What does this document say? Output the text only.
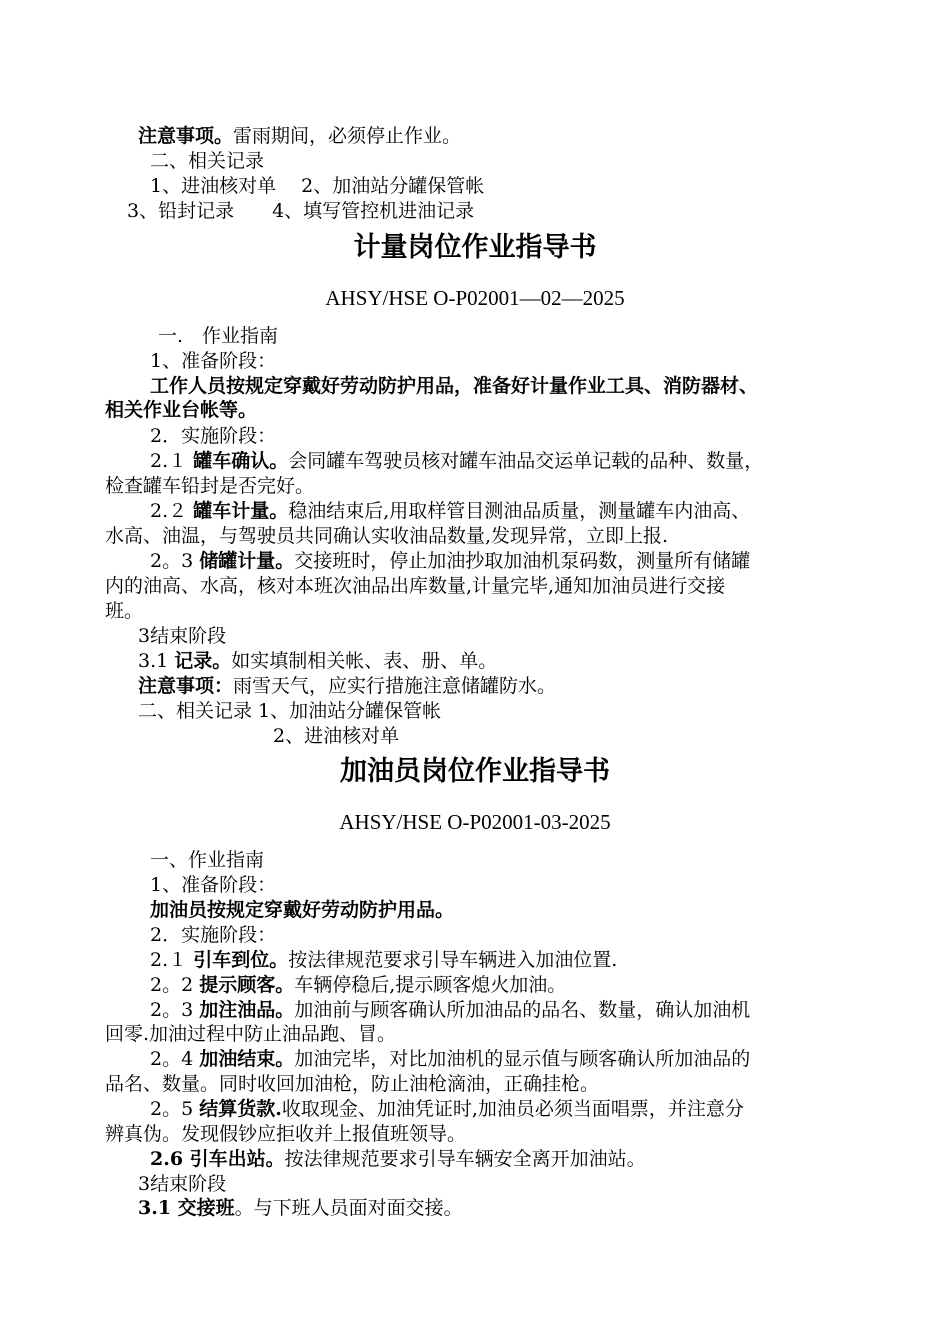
注意事项。雷雨期间，必须停止作业。
二、相关记录
1、进油核对单　 2、加油站分罐保管帐
3、铅封记录　　4、填写管控机进油记录
计量岗位作业指导书
AHSY/HSE O-P02001—02—2025
一.　作业指南
1、准备阶段：
工作人员按规定穿戴好劳动防护用品，准备好计量作业工具、消防器材、
相关作业台帐等。
2．实施阶段：
2.１ 罐车确认。会同罐车驾驶员核对罐车油品交运单记载的品种、数量，
检查罐车铅封是否完好。
2.２ 罐车计量。稳油结束后,用取样管目测油品质量，测量罐车内油高、
水高、油温，与驾驶员共同确认实收油品数量,发现异常，立即上报.
2。3 储罐计量。交接班时，停止加油抄取加油机泵码数，测量所有储罐
内的油高、水高，核对本班次油品出库数量,计量完毕,通知加油员进行交接
班。
3结束阶段
3.1 记录。如实填制相关帐、表、册、单。
注意事项：雨雪天气，应实行措施注意储罐防水。
二、相关记录 1、加油站分罐保管帐
2、进油核对单
加油员岗位作业指导书
AHSY/HSE O-P02001-03-2025
一、作业指南
1、准备阶段：
加油员按规定穿戴好劳动防护用品。
2．实施阶段：
2.１ 引车到位。按法律规范要求引导车辆进入加油位置.
2。2 提示顾客。车辆停稳后,提示顾客熄火加油。
2。3 加注油品。加油前与顾客确认所加油品的品名、数量，确认加油机
回零.加油过程中防止油品跑、冒。
2。4 加油结束。加油完毕，对比加油机的显示值与顾客确认所加油品的
品名、数量。同时收回加油枪，防止油枪滴油，正确挂枪。
2。5 结算货款.收取现金、加油凭证时,加油员必须当面唱票，并注意分
辨真伪。发现假钞应拒收并上报值班领导。
2.6 引车出站。按法律规范要求引导车辆安全离开加油站。
3结束阶段
3.1 交接班。与下班人员面对面交接。
